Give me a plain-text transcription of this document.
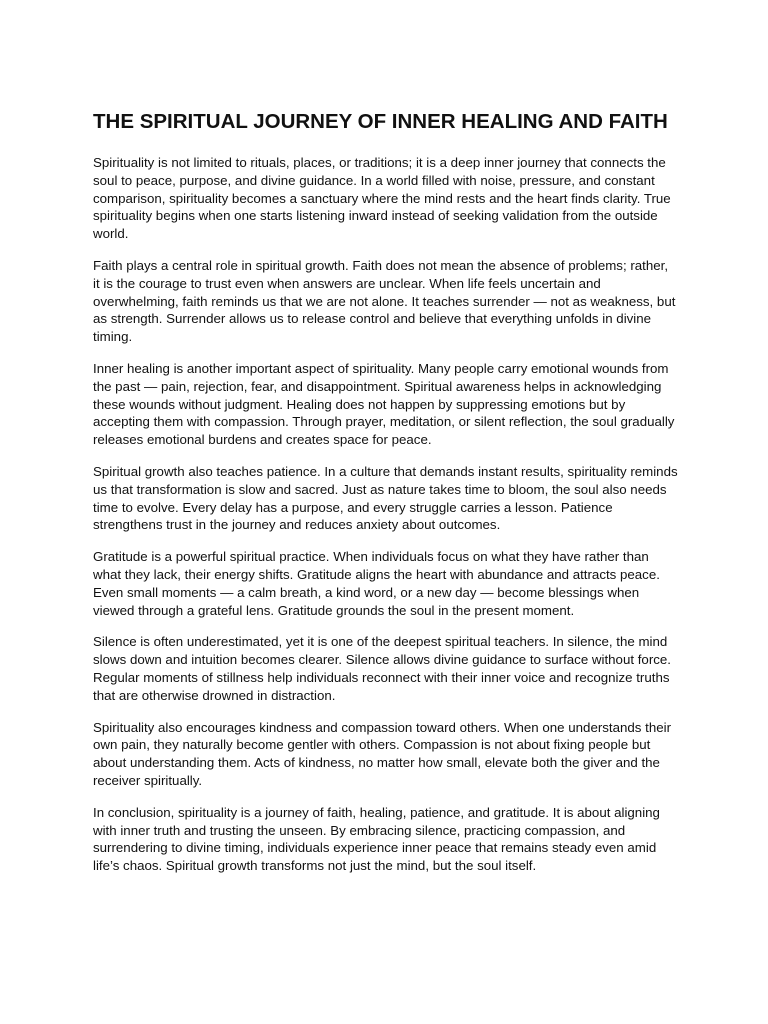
THE SPIRITUAL JOURNEY OF INNER HEALING AND FAITH

Spirituality is not limited to rituals, places, or traditions; it is a deep inner journey that connects the soul to peace, purpose, and divine guidance. In a world filled with noise, pressure, and constant comparison, spirituality becomes a sanctuary where the mind rests and the heart finds clarity. True spirituality begins when one starts listening inward instead of seeking validation from the outside world.

Faith plays a central role in spiritual growth. Faith does not mean the absence of problems; rather, it is the courage to trust even when answers are unclear. When life feels uncertain and overwhelming, faith reminds us that we are not alone. It teaches surrender — not as weakness, but as strength. Surrender allows us to release control and believe that everything unfolds in divine timing.

Inner healing is another important aspect of spirituality. Many people carry emotional wounds from the past — pain, rejection, fear, and disappointment. Spiritual awareness helps in acknowledging these wounds without judgment. Healing does not happen by suppressing emotions but by accepting them with compassion. Through prayer, meditation, or silent reflection, the soul gradually releases emotional burdens and creates space for peace.

Spiritual growth also teaches patience. In a culture that demands instant results, spirituality reminds us that transformation is slow and sacred. Just as nature takes time to bloom, the soul also needs time to evolve. Every delay has a purpose, and every struggle carries a lesson. Patience strengthens trust in the journey and reduces anxiety about outcomes.

Gratitude is a powerful spiritual practice. When individuals focus on what they have rather than what they lack, their energy shifts. Gratitude aligns the heart with abundance and attracts peace. Even small moments — a calm breath, a kind word, or a new day — become blessings when viewed through a grateful lens. Gratitude grounds the soul in the present moment.

Silence is often underestimated, yet it is one of the deepest spiritual teachers. In silence, the mind slows down and intuition becomes clearer. Silence allows divine guidance to surface without force. Regular moments of stillness help individuals reconnect with their inner voice and recognize truths that are otherwise drowned in distraction.

Spirituality also encourages kindness and compassion toward others. When one understands their own pain, they naturally become gentler with others. Compassion is not about fixing people but about understanding them. Acts of kindness, no matter how small, elevate both the giver and the receiver spiritually.

In conclusion, spirituality is a journey of faith, healing, patience, and gratitude. It is about aligning with inner truth and trusting the unseen. By embracing silence, practicing compassion, and surrendering to divine timing, individuals experience inner peace that remains steady even amid life’s chaos. Spiritual growth transforms not just the mind, but the soul itself.
